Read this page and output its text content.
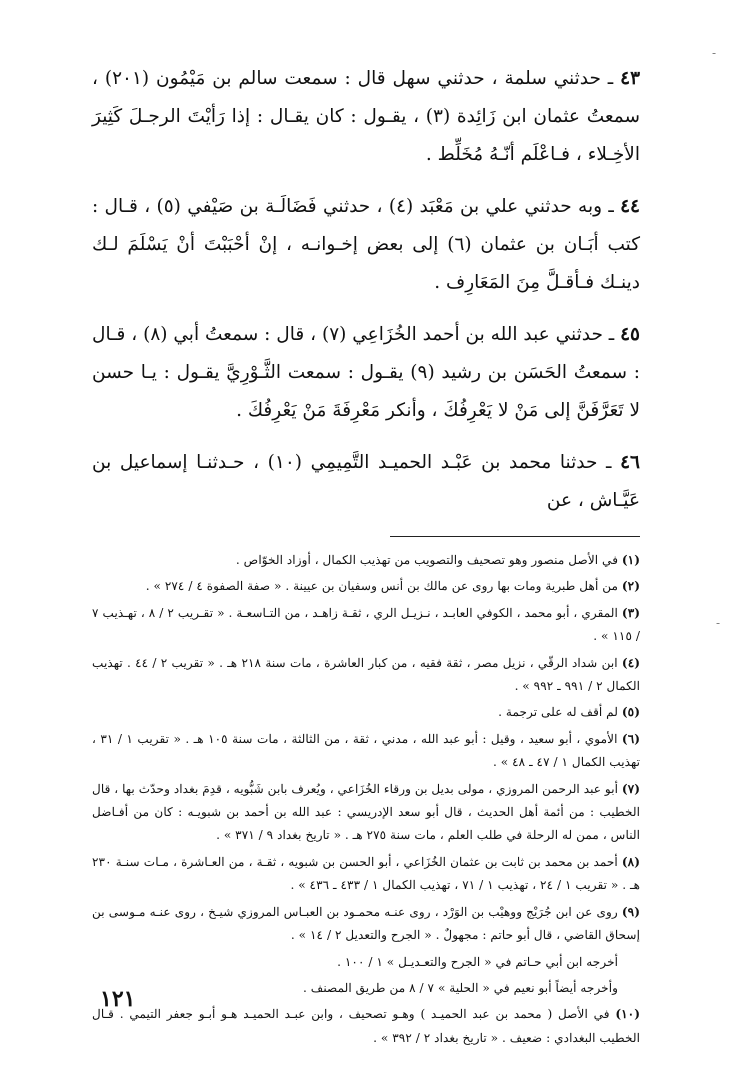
-
-

٤٣ ـ حدثني سلمة ، حدثني سهل قال : سمعت سالم بن مَيْمُون (٢٠١) ، سمعتُ عثمان ابن زَائِدة (٣) ، يقـول : كان يقـال : إذا رَأيْتَ الرجـلَ كَثِيرَ الأخِـلاء ، فـاعْلَم أنّـهُ مُخَلِّط .

٤٤ ـ وبه حدثني علي بن مَعْبَد (٤) ، حدثني فَضَالَـة بن صَيْفي (٥) ، قـال : كتب أبَـان بن عثمان (٦) إلى بعض إخـوانـه ، إنْ أحْبَبْتَ أنْ يَسْلَمَ لـك دينـك فـأقـلَّ مِنَ المَعَارِف .

٤٥ ـ حدثني عبد الله بن أحمد الخُزَاعِي (٧) ، قال : سمعتُ أبي (٨) ، قـال : سمعتُ الحَسَن بن رشيد (٩) يقـول : سمعت الثَّـوْرِيَّ يقـول : يـا حسن لا تَعَرَّفَنَّ إلى مَنْ لا يَعْرِفُكَ ، وأنكر مَعْرِفَةَ مَنْ يَعْرِفُكَ .

٤٦ ـ حدثنا محمد بن عَبْـد الحميـد التَّمِيمِي (١٠) ، حـدثنـا إسماعيل بن عَيَّـاش ، عن

(١) في الأصل منصور وهو تصحيف والتصويب من تهذيب الكمال ، أوزاد الخوّاص .

(٢) من أهل طبرية ومات بها روى عن مالك بن أنس وسفيان بن عيينة . « صفة الصفوة ٤ / ٢٧٤ » .

(٣) المقري ، أبو محمد ، الكوفي العابـد ، نـزيـل الري ، ثقـة زاهـد ، من التـاسعـة . « تقـريب ٢ / ٨ ، تهـذيب ٧ / ١١٥ » .

(٤) ابن شداد الرقّي ، نزيل مصر ، ثقة فقيه ، من كبار العاشرة ، مات سنة ٢١٨ هـ . « تقريب ٢ / ٤٤ . تهذيب الكمال ٢ / ٩٩١ ـ ٩٩٢ » .

(٥) لم أقف له على ترجمة .

(٦) الأموي ، أبو سعيد ، وقيل : أبو عبد الله ، مدني ، ثقة ، من الثالثة ، مات سنة ١٠٥ هـ . « تقريب ١ / ٣١ ، تهذيب الكمال ١ / ٤٧ ـ ٤٨ » .

(٧) أبو عبد الرحمن المروزي ، مولى بديل بن ورقاء الخُزَاعي ، ويُعرف بابن شَبُّويه ، قدِمَ بغداد وحدّث بها ، قال الخطيب : من أئمة أهل الحديث ، قال أبو سعد الإدريسي : عبد الله بن أحمد بن شبويـه : كان من أفـاضل الناس ، ممن له الرحلة في طلب العلم ، مات سنة ٢٧٥ هـ . « تاريخ بغداد ٩ / ٣٧١ » .

(٨) أحمد بن محمد بن ثابت بن عثمان الخُزَاعي ، أبو الحسن بن شبويه ، ثقـة ، من العـاشرة ، مـات سنـة ٢٣٠ هـ . « تقريب ١ / ٢٤ ، تهذيب ١ / ٧١ ، تهذيب الكمال ١ / ٤٣٣ ـ ٤٣٦ » .

(٩) روى عن ابن جُرَيْج ووهيْب بن الوَرْد ، روى عنـه محمـود بن العبـاس المروزي شيـخ ، روى عنـه مـوسى بن إسحاق القاضي ، قال أبو حاتم : مجهولٌ . « الجرح والتعديل ٢ / ١٤ » .

أخرجه ابن أبي حـاتم في « الجرح والتعـديـل » ١ / ١٠٠ .

وأخرجه أيضاً أبو نعيم في « الحلية » ٧ / ٨ من طريق المصنف .

(١٠) في الأصل ( محمد بن عبد الحميـد ) وهـو تصحيف ، وابن عبـد الحميـد هـو أبـو جعفر التيمي . قـال الخطيب البغدادي : ضعيف . « تاريخ بغداد ٢ / ٣٩٢ » .

١٢١
